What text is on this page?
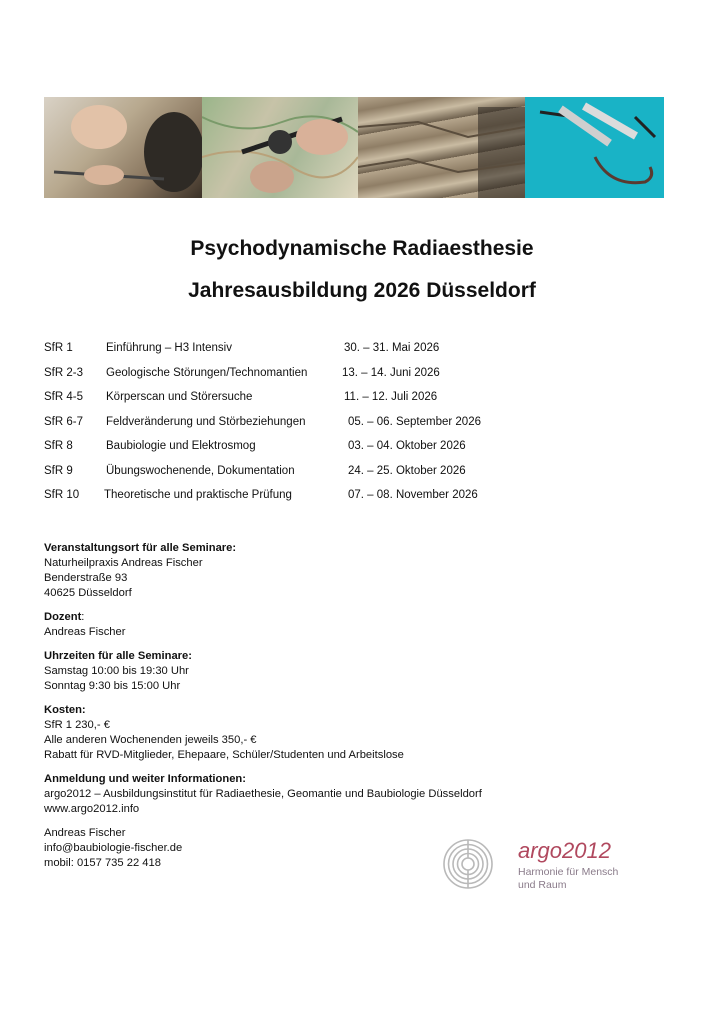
Psychodynamische Radiaesthesie
Jahresausbildung 2026 Düsseldorf
SfR 1	Einführung – H3 Intensiv	30. – 31. Mai 2026
SfR 2-3 Geologische Störungen/Technomantien	13. – 14. Juni 2026
SfR 4-5 Körperscan und Störersuche	11. – 12. Juli 2026
SfR 6-7 Feldveränderung und Störbeziehungen	05. – 06. September 2026
SfR 8	Baubiologie und Elektrosmog	03. – 04. Oktober 2026
SfR 9	Übungswochenende, Dokumentation	24. – 25. Oktober 2026
SfR 10 Theoretische und praktische Prüfung	07. – 08. November 2026
Veranstaltungsort für alle Seminare:
Naturheilpraxis Andreas Fischer
Benderstraße 93
40625 Düsseldorf
Dozent:
Andreas Fischer
Uhrzeiten für alle Seminare:
Samstag 10:00 bis 19:30 Uhr
Sonntag 9:30 bis 15:00 Uhr
Kosten:
SfR 1 230,- €
Alle anderen Wochenenden jeweils 350,- €
Rabatt für RVD-Mitglieder, Ehepaare, Schüler/Studenten und Arbeitslose
Anmeldung und weiter Informationen:
argo2012 – Ausbildungsinstitut für Radiaethesie, Geomantie und Baubiologie Düsseldorf
www.argo2012.info
Andreas Fischer
info@baubiologie-fischer.de
mobil: 0157 735 22 418	argo2012
Harmonie für Mensch
und Raum
